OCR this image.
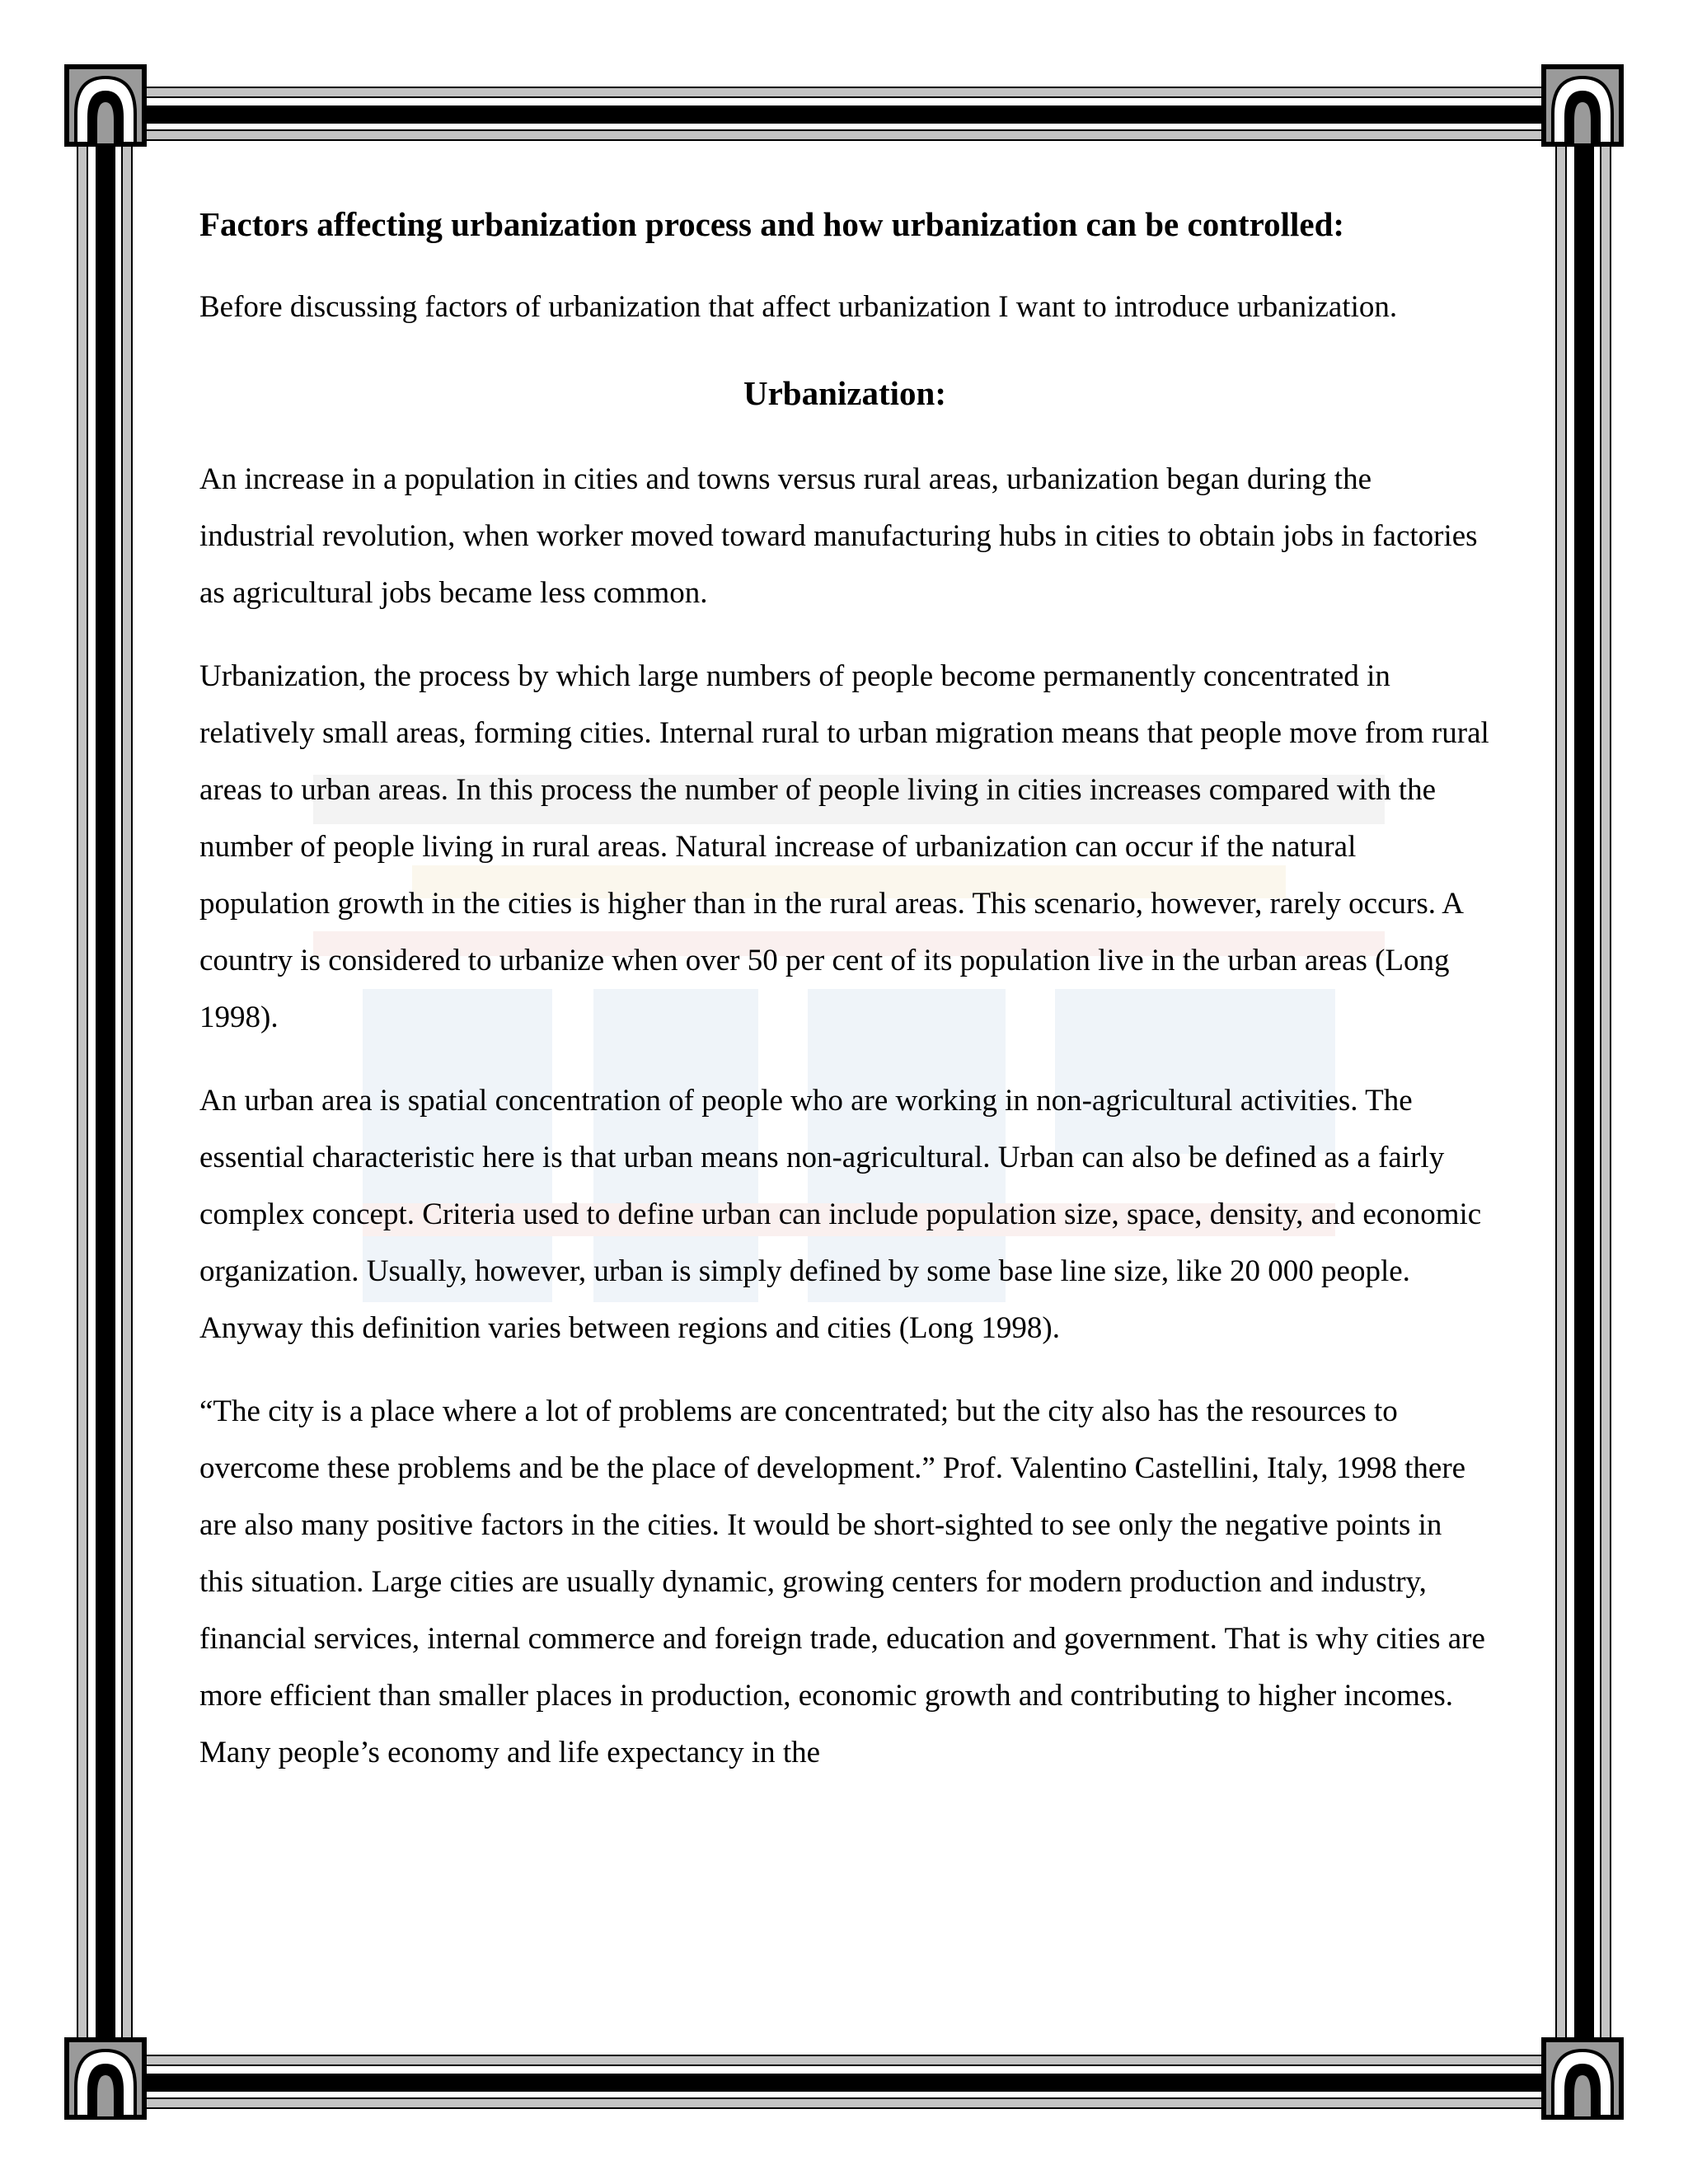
Factors affecting urbanization process and how urbanization can be controlled:

Before discussing factors of urbanization that affect urbanization I want to introduce urbanization.

Urbanization:

An increase in a population in cities and towns versus rural areas, urbanization began during the industrial revolution, when worker moved toward manufacturing hubs in cities to obtain jobs in factories as agricultural jobs became less common.

Urbanization, the process by which large numbers of people become permanently concentrated in relatively small areas, forming cities. Internal rural to urban migration means that people move from rural areas to urban areas. In this process the number of people living in cities increases compared with the number of people living in rural areas. Natural increase of urbanization can occur if the natural population growth in the cities is higher than in the rural areas. This scenario, however, rarely occurs. A country is considered to urbanize when over 50 per cent of its population live in the urban areas (Long 1998).

An urban area is spatial concentration of people who are working in non-agricultural activities. The essential characteristic here is that urban means non-agricultural. Urban can also be defined as a fairly complex concept. Criteria used to define urban can include population size, space, density, and economic organization. Usually, however, urban is simply defined by some base line size, like 20 000 people. Anyway this definition varies between regions and cities (Long 1998).

“The city is a place where a lot of problems are concentrated; but the city also has the resources to overcome these problems and be the place of development.” Prof. Valentino Castellini, Italy, 1998 there are also many positive factors in the cities. It would be short-sighted to see only the negative points in this situation. Large cities are usually dynamic, growing centers for modern production and industry, financial services, internal commerce and foreign trade, education and government. That is why cities are more efficient than smaller places in production, economic growth and contributing to higher incomes. Many people’s economy and life expectancy in the
